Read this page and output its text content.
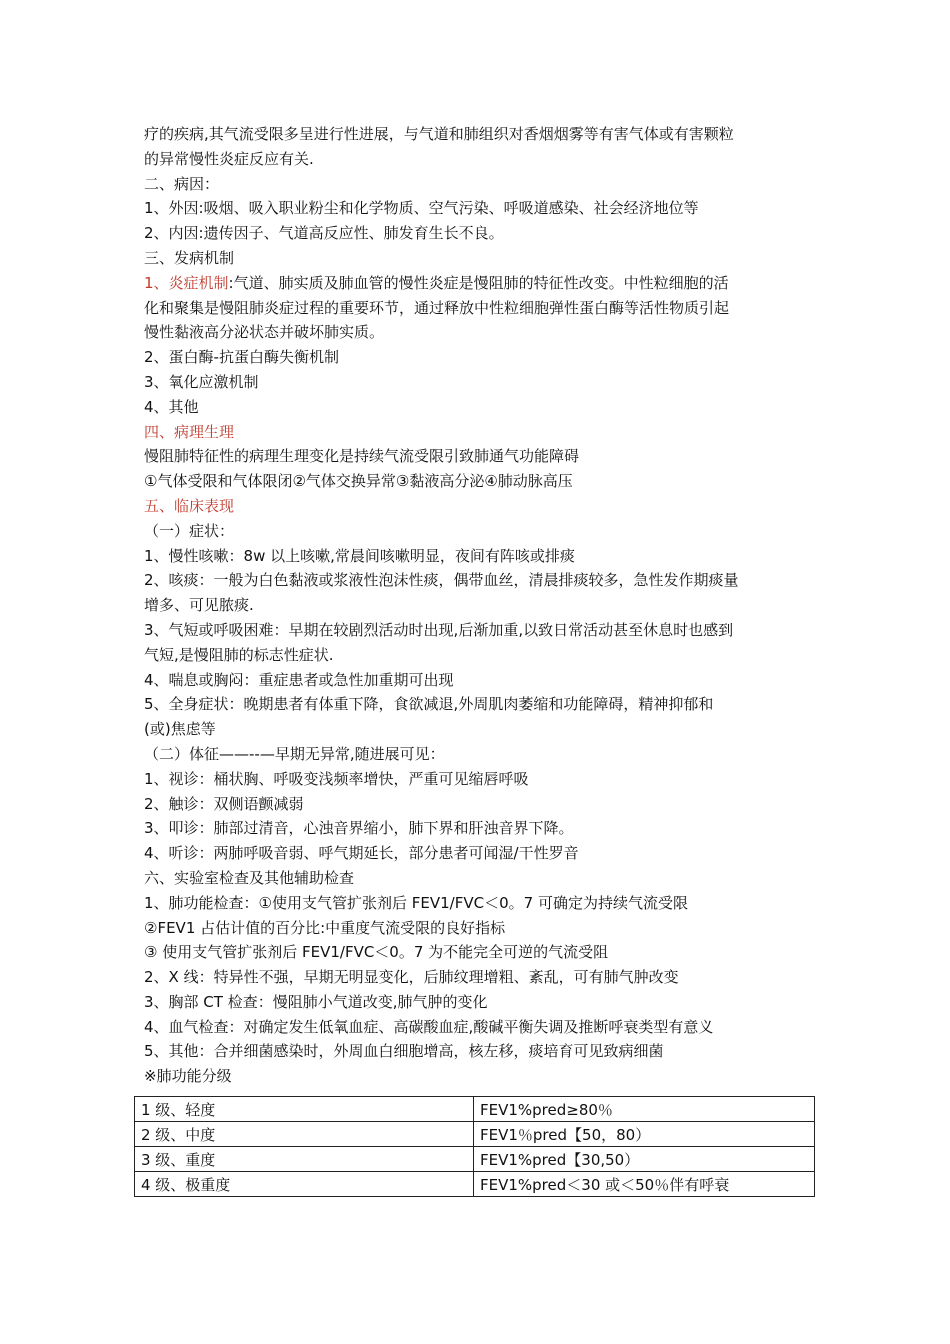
疗的疾病,其气流受限多呈进行性进展，与气道和肺组织对香烟烟雾等有害气体或有害颗粒
的异常慢性炎症反应有关.
二、病因：
1、外因:吸烟、吸入职业粉尘和化学物质、空气污染、呼吸道感染、社会经济地位等
2、内因:遗传因子、气道高反应性、肺发育生长不良。
三、发病机制
1、炎症机制:气道、肺实质及肺血管的慢性炎症是慢阻肺的特征性改变。中性粒细胞的活
化和聚集是慢阻肺炎症过程的重要环节，通过释放中性粒细胞弹性蛋白酶等活性物质引起
慢性黏液高分泌状态并破坏肺实质。
2、蛋白酶-抗蛋白酶失衡机制
3、氧化应激机制
4、其他
四、病理生理
慢阻肺特征性的病理生理变化是持续气流受限引致肺通气功能障碍
①气体受限和气体限闭②气体交换异常③黏液高分泌④肺动脉高压
五、临床表现
（一）症状：
1、慢性咳嗽：8w 以上咳嗽,常晨间咳嗽明显，夜间有阵咳或排痰
2、咳痰：一般为白色黏液或浆液性泡沫性痰，偶带血丝，清晨排痰较多，急性发作期痰量
增多、可见脓痰.
3、气短或呼吸困难：早期在较剧烈活动时出现,后渐加重,以致日常活动甚至休息时也感到
气短,是慢阻肺的标志性症状.
4、喘息或胸闷：重症患者或急性加重期可出现
5、全身症状：晚期患者有体重下降，食欲减退,外周肌肉萎缩和功能障碍，精神抑郁和
(或)焦虑等
（二）体征——--—早期无异常,随进展可见：
1、视诊：桶状胸、呼吸变浅频率增快，严重可见缩唇呼吸
2、触诊：双侧语颤减弱
3、叩诊：肺部过清音，心浊音界缩小，肺下界和肝浊音界下降。
4、听诊：两肺呼吸音弱、呼气期延长，部分患者可闻湿/干性罗音
六、实验室检查及其他辅助检查
1、肺功能检查：①使用支气管扩张剂后 FEV1/FVC＜0。7 可确定为持续气流受限
②FEV1 占估计值的百分比:中重度气流受限的良好指标
③ 使用支气管扩张剂后 FEV1/FVC＜0。7 为不能完全可逆的气流受阻
2、X 线：特异性不强，早期无明显变化，后肺纹理增粗、紊乱，可有肺气肿改变
3、胸部 CT 检查：慢阻肺小气道改变,肺气肿的变化
4、血气检查：对确定发生低氧血症、高碳酸血症,酸碱平衡失调及推断呼衰类型有意义
5、其他：合并细菌感染时，外周血白细胞增高，核左移，痰培育可见致病细菌
※肺功能分级
1 级、轻度	FEV1%pred≥80％
2 级、中度	FEV1％pred【50，80）
3 级、重度	FEV1%pred【30,50）
4 级、极重度	FEV1%pred＜30 或＜50％伴有呼衰
